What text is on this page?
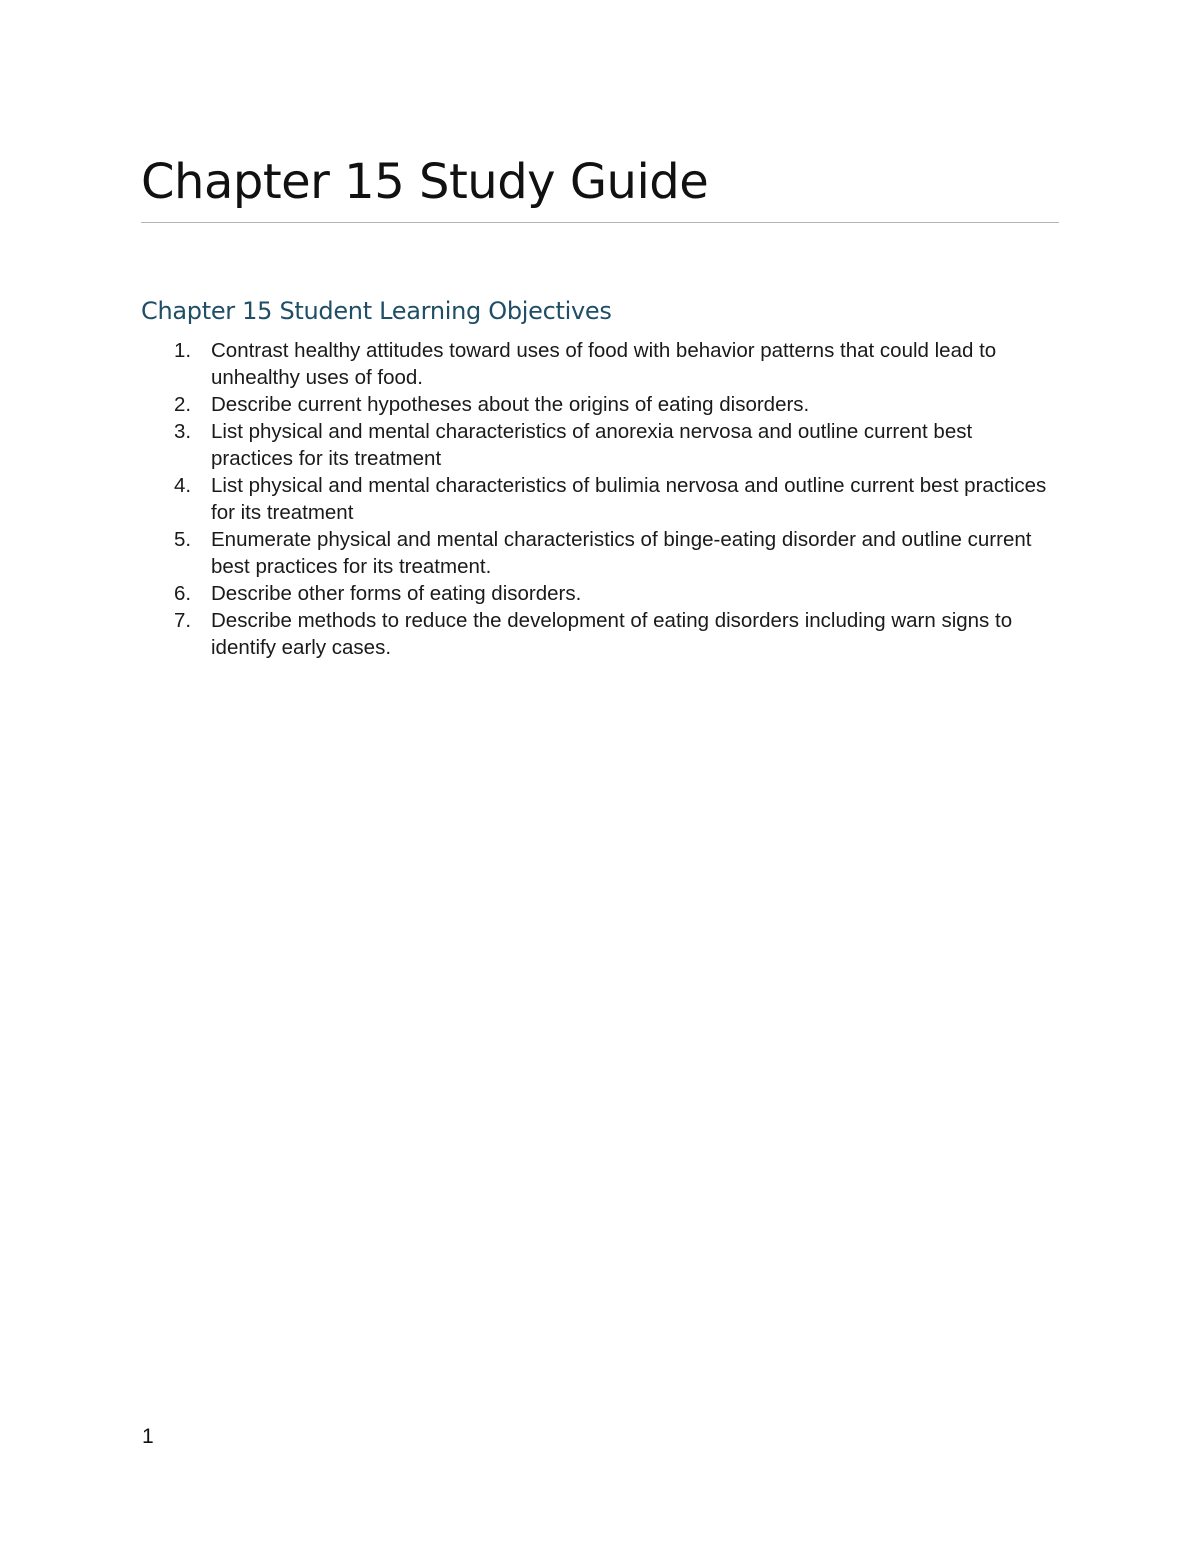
Chapter 15 Study Guide
Chapter 15 Student Learning Objectives
1. Contrast healthy attitudes toward uses of food with behavior patterns that could lead to unhealthy uses of food.
2. Describe current hypotheses about the origins of eating disorders.
3. List physical and mental characteristics of anorexia nervosa and outline current best practices for its treatment
4. List physical and mental characteristics of bulimia nervosa and outline current best practices for its treatment
5. Enumerate physical and mental characteristics of binge-eating disorder and outline current best practices for its treatment.
6. Describe other forms of eating disorders.
7. Describe methods to reduce the development of eating disorders including warn signs to identify early cases.
1
